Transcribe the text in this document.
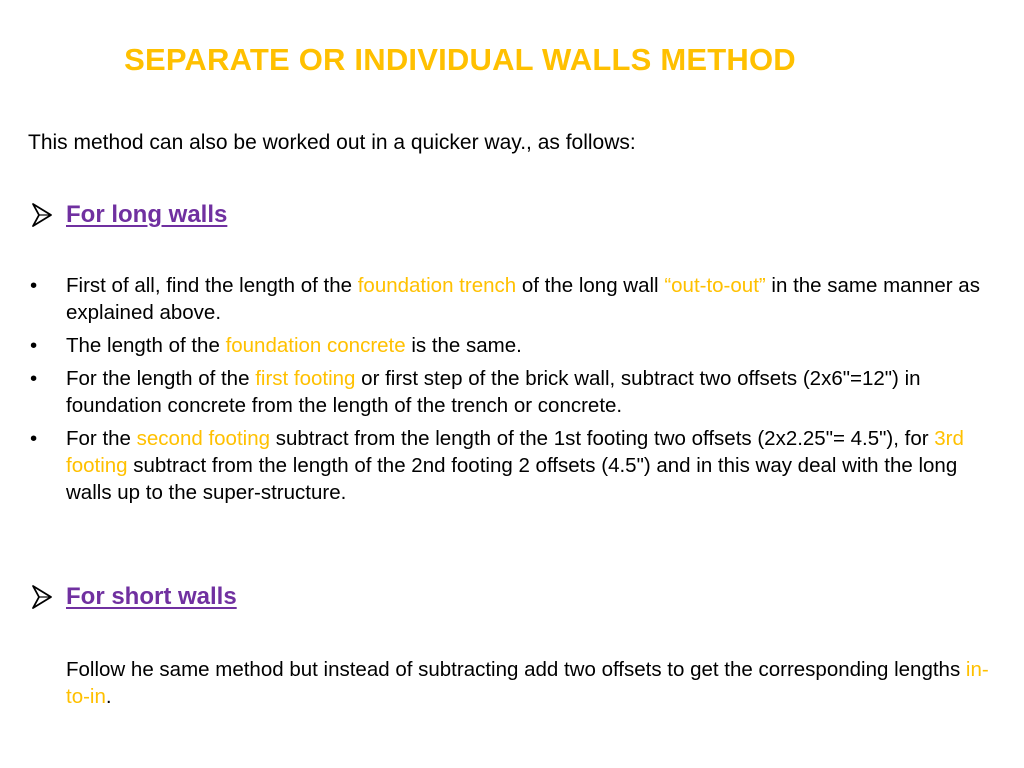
SEPARATE OR INDIVIDUAL WALLS METHOD
This method can also be worked out in a quicker way., as follows:
For long walls
• First of all, find the length of the foundation trench of the long wall “out-to-out” in the same manner as explained above.
• The length of the foundation concrete is the same.
• For the length of the first footing or first step of the brick wall, subtract two offsets (2x6"=12") in foundation concrete from the length of the trench or concrete.
• For the second footing subtract from the length of the 1st footing two offsets (2x2.25"= 4.5"), for 3rd footing subtract from the length of the 2nd footing 2 offsets (4.5") and in this way deal with the long walls up to the super-structure.
For short walls
Follow he same method but instead of subtracting add two offsets to get the corresponding lengths in-to-in.
